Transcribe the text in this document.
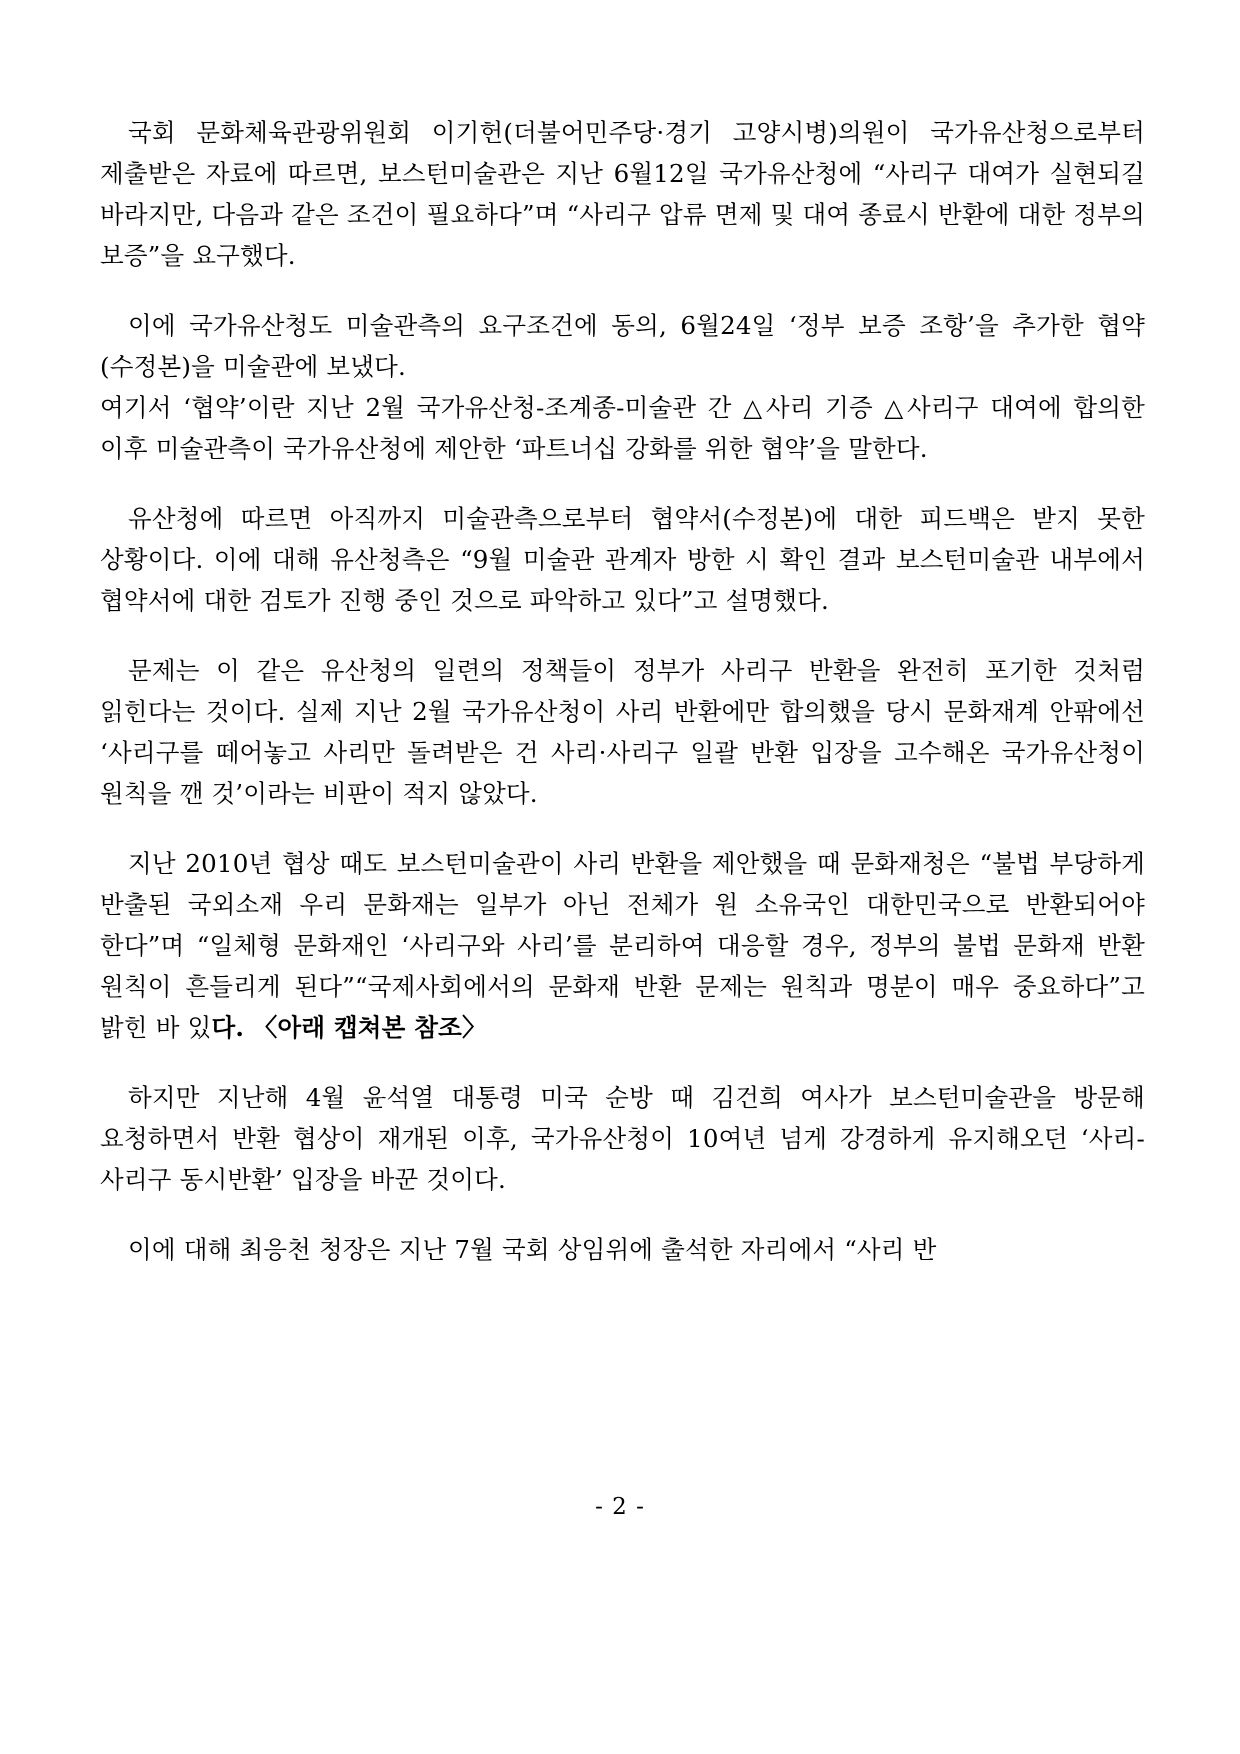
국회 문화체육관광위원회 이기헌(더불어민주당·경기 고양시병)의원이 국가유산청으로부터 제출받은 자료에 따르면, 보스턴미술관은 지난 6월12일 국가유산청에 “사리구 대여가 실현되길 바라지만, 다음과 같은 조건이 필요하다”며 “사리구 압류 면제 및 대여 종료시 반환에 대한 정부의 보증”을 요구했다.

이에 국가유산청도 미술관측의 요구조건에 동의, 6월24일 ‘정부 보증 조항’을 추가한 협약(수정본)을 미술관에 보냈다.

여기서 ‘협약’이란 지난 2월 국가유산청-조계종-미술관 간 △사리 기증 △사리구 대여에 합의한 이후 미술관측이 국가유산청에 제안한 ‘파트너십 강화를 위한 협약’을 말한다.

유산청에 따르면 아직까지 미술관측으로부터 협약서(수정본)에 대한 피드백은 받지 못한 상황이다. 이에 대해 유산청측은 “9월 미술관 관계자 방한 시 확인 결과 보스턴미술관 내부에서 협약서에 대한 검토가 진행 중인 것으로 파악하고 있다”고 설명했다.

문제는 이 같은 유산청의 일련의 정책들이 정부가 사리구 반환을 완전히 포기한 것처럼 읽힌다는 것이다. 실제 지난 2월 국가유산청이 사리 반환에만 합의했을 당시 문화재계 안팎에선 ‘사리구를 떼어놓고 사리만 돌려받은 건 사리·사리구 일괄 반환 입장을 고수해온 국가유산청이 원칙을 깬 것’이라는 비판이 적지 않았다.

지난 2010년 협상 때도 보스턴미술관이 사리 반환을 제안했을 때 문화재청은 “불법 부당하게 반출된 국외소재 우리 문화재는 일부가 아닌 전체가 원 소유국인 대한민국으로 반환되어야 한다”며 “일체형 문화재인 ‘사리구와 사리’를 분리하여 대응할 경우, 정부의 불법 문화재 반환 원칙이 흔들리게 된다”“국제사회에서의 문화재 반환 문제는 원칙과 명분이 매우 중요하다”고 밝힌 바 있다. 〈아래 캡쳐본 참조〉

하지만 지난해 4월 윤석열 대통령 미국 순방 때 김건희 여사가 보스턴미술관을 방문해 요청하면서 반환 협상이 재개된 이후, 국가유산청이 10여년 넘게 강경하게 유지해오던 ‘사리-사리구 동시반환’ 입장을 바꾼 것이다.

이에 대해 최응천 청장은 지난 7월 국회 상임위에 출석한 자리에서 “사리 반

- 2 -
